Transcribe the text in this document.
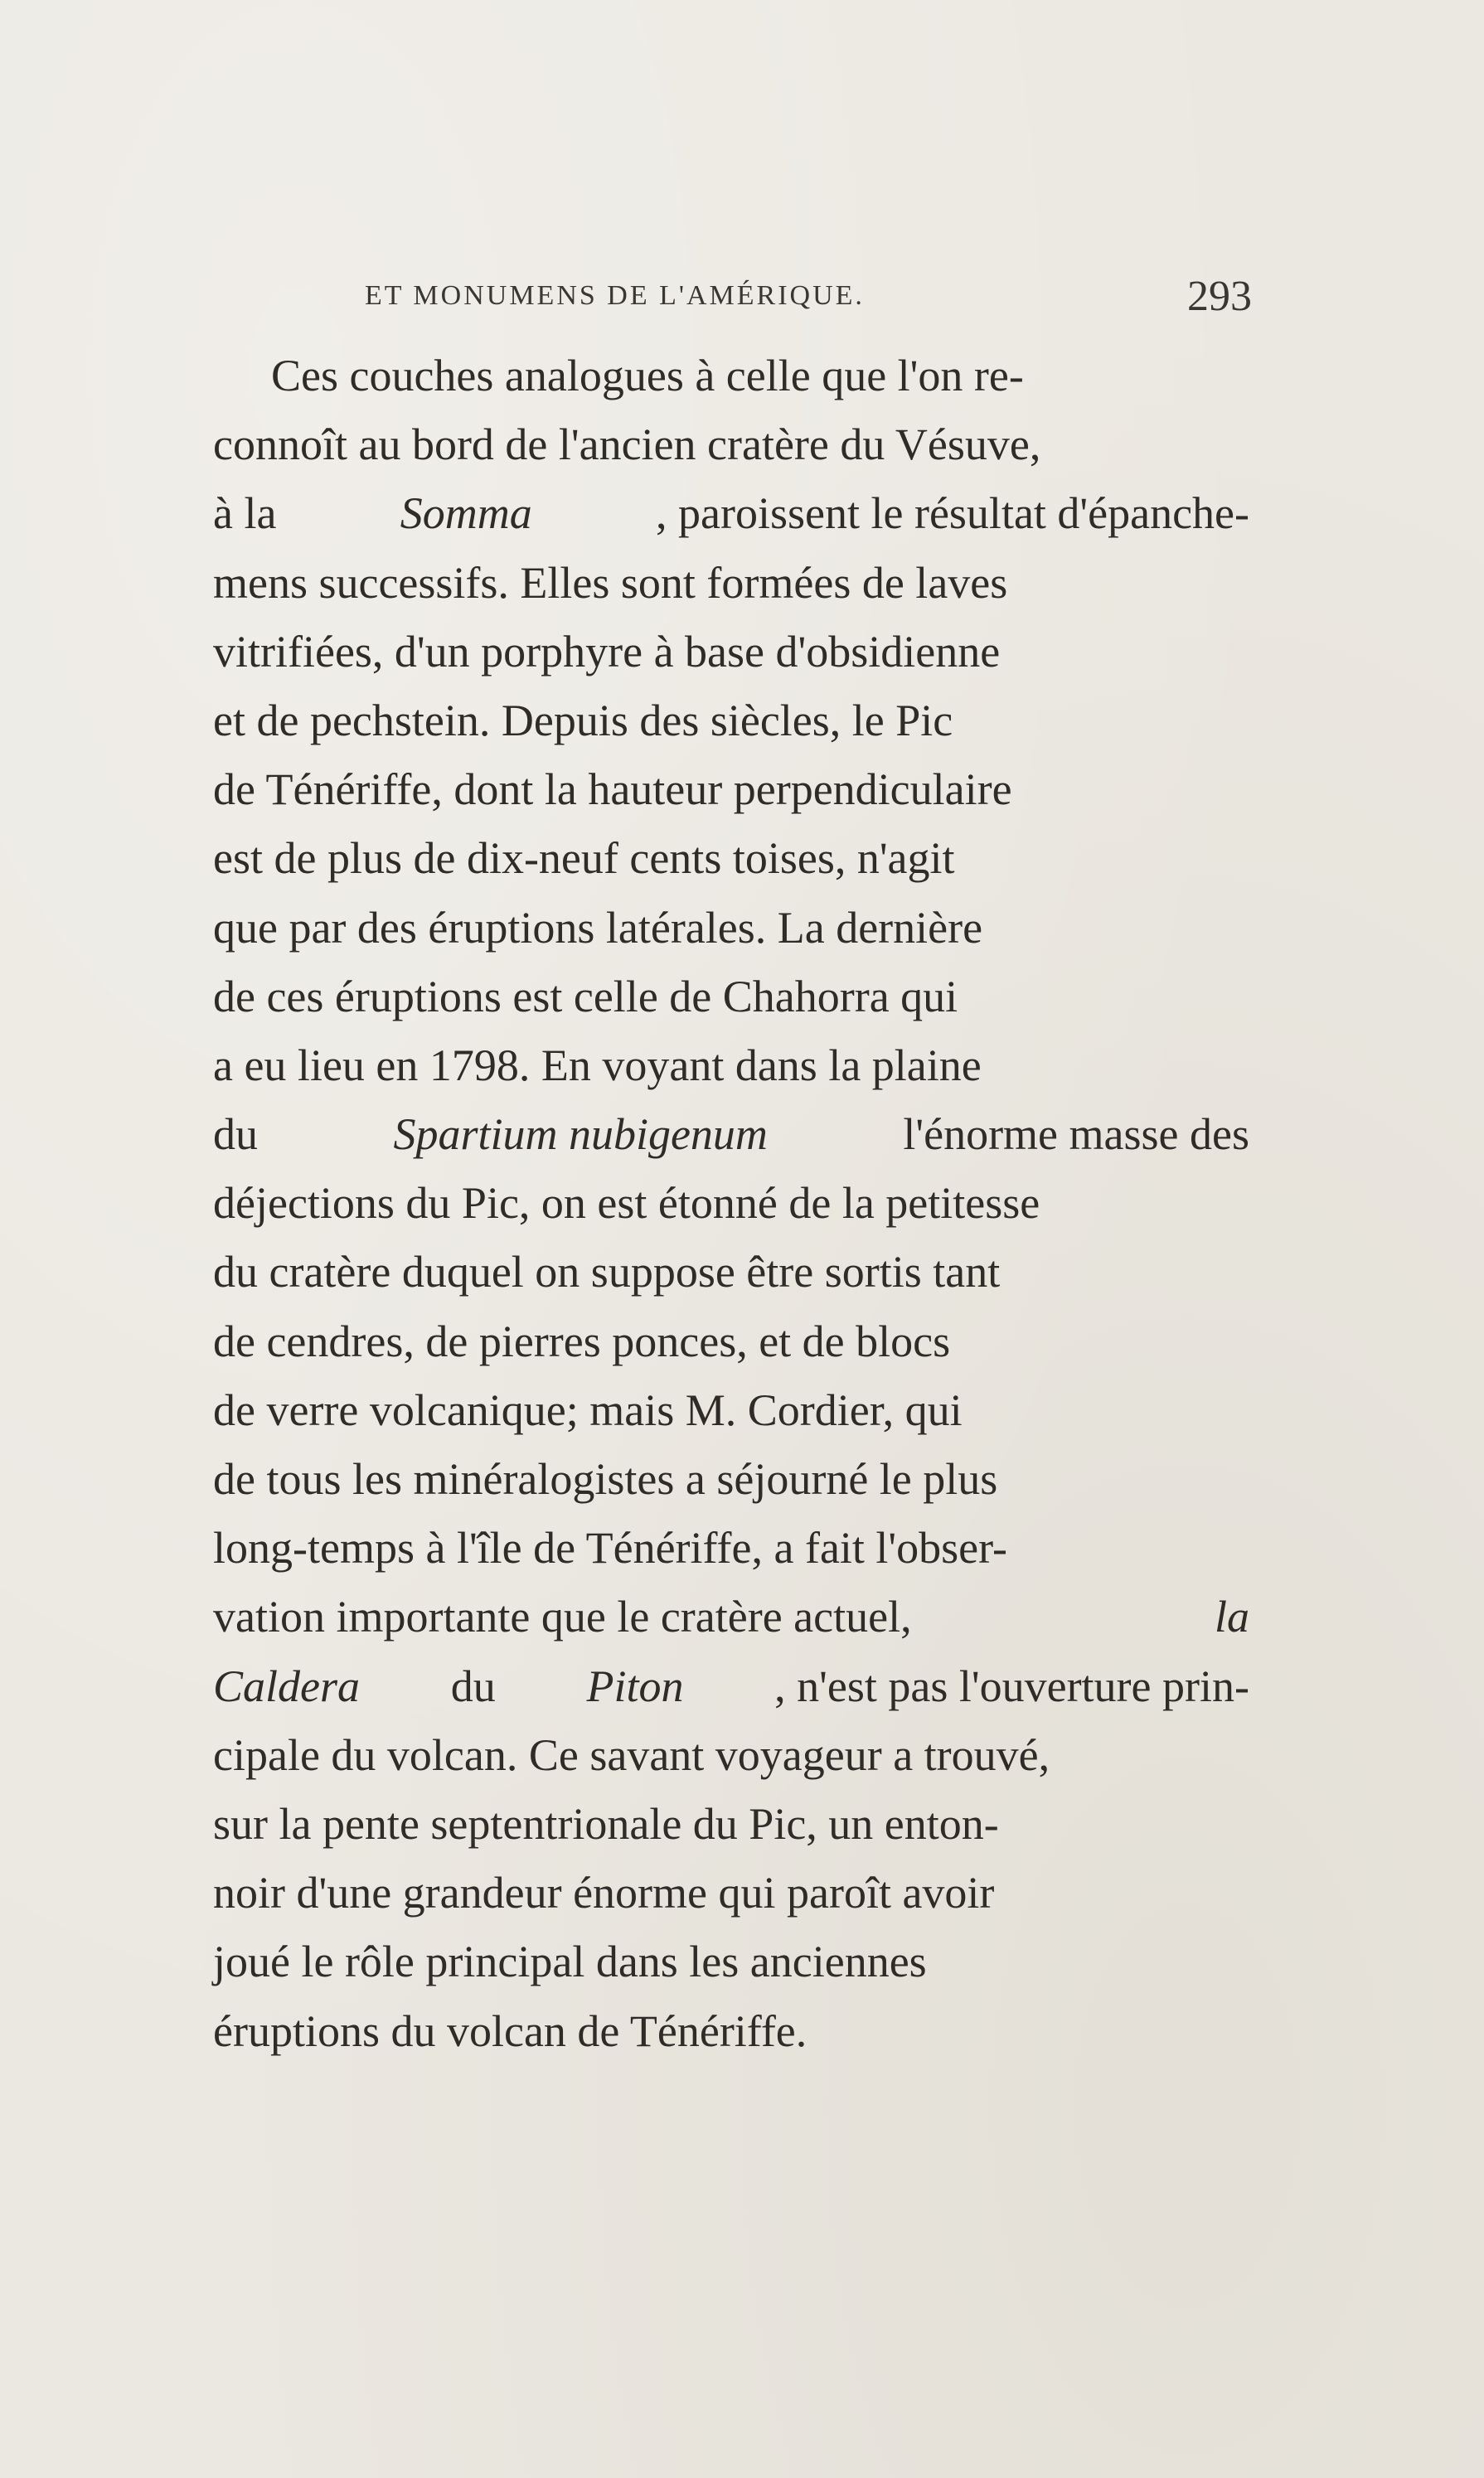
ET MONUMENS DE L'AMÉRIQUE.	293
Ces couches analogues à celle que l'on re-
connoît au bord de l'ancien cratère du Vésuve,
à la	Somma	, paroissent le résultat d'épanche-
mens successifs. Elles sont formées de laves
vitrifiées, d'un porphyre à base d'obsidienne
et de pechstein. Depuis des siècles, le Pic
de Ténériffe, dont la hauteur perpendiculaire
est de plus de dix-neuf cents toises, n'agit
que par des éruptions latérales. La dernière
de ces éruptions est celle de Chahorra qui
a eu lieu en 1798. En voyant dans la plaine
du	Spartium nubigenum	l'énorme masse des
déjections du Pic, on est étonné de la petitesse
du cratère duquel on suppose être sortis tant
de cendres, de pierres ponces, et de blocs
de verre volcanique; mais M. Cordier, qui
de tous les minéralogistes a séjourné le plus
long-temps à l'île de Ténériffe, a fait l'obser-
vation importante que le cratère actuel,	la
Caldera du Piton , n'est pas l'ouverture prin-
cipale du volcan. Ce savant voyageur a trouvé,
sur la pente septentrionale du Pic, un enton-
noir d'une grandeur énorme qui paroît avoir
joué le rôle principal dans les anciennes
éruptions du volcan de Ténériffe.
